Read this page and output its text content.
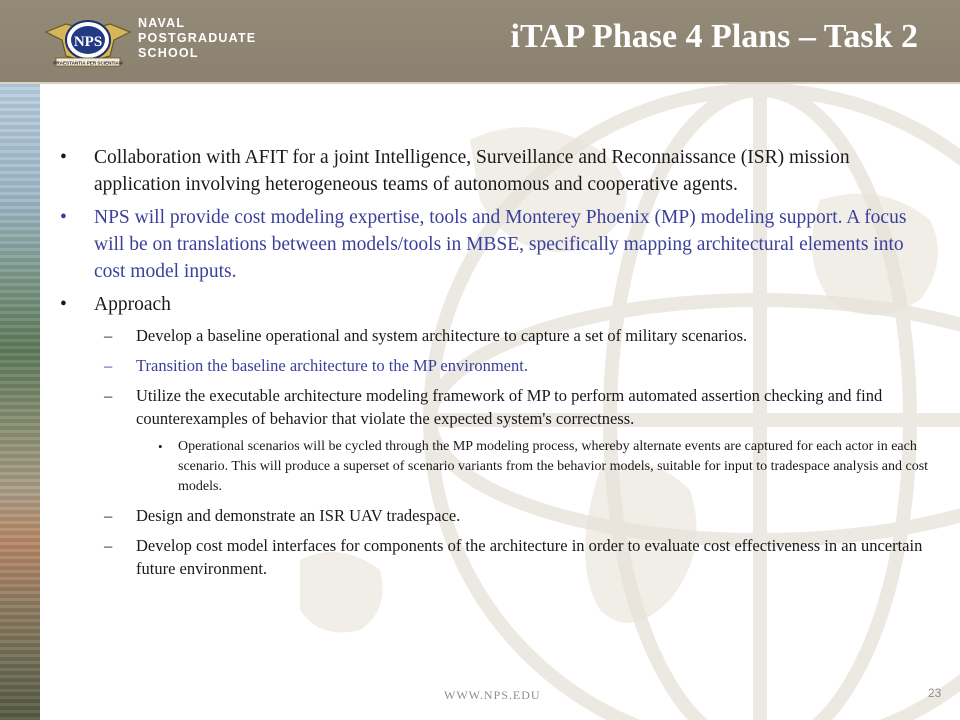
NPS
PRAESTANTIA PER SCIENTIAM
NAVAL
POSTGRADUATE
SCHOOL	iTAP Phase 4 Plans – Task 2
• Collaboration with AFIT for a joint Intelligence, Surveillance and Reconnaissance (ISR) mission application involving heterogeneous teams of autonomous and cooperative agents.
• NPS will provide cost modeling expertise, tools and Monterey Phoenix (MP) modeling support. A focus will be on translations between models/tools in MBSE, specifically mapping architectural elements into cost model inputs.
• Approach
– Develop a baseline operational and system architecture to capture a set of military scenarios.
– Transition the baseline architecture to the MP environment.
– Utilize the executable architecture modeling framework of MP to perform automated assertion checking and find counterexamples of behavior that violate the expected system's correctness.
• Operational scenarios will be cycled through the MP modeling process, whereby alternate events are captured for each actor in each scenario. This will produce a superset of scenario variants from the behavior models, suitable for input to tradespace analysis and cost models.
– Design and demonstrate an ISR UAV tradespace.
– Develop cost model interfaces for components of the architecture in order to evaluate cost effectiveness in an uncertain future environment.
WWW.NPS.EDU	23
